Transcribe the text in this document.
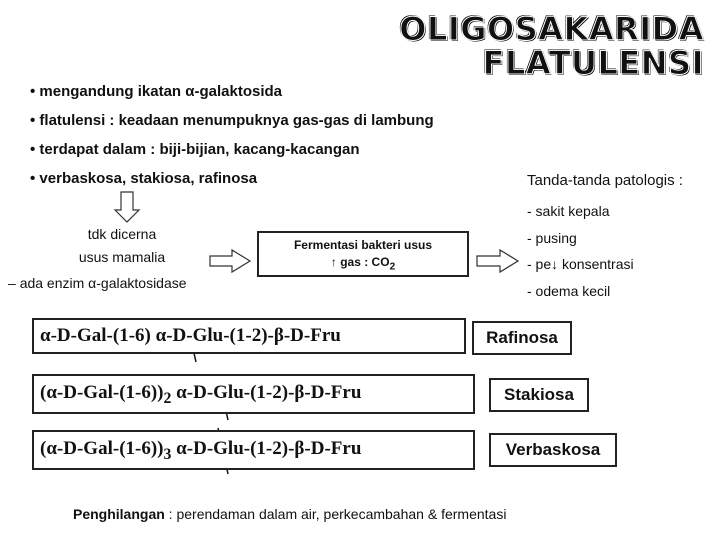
OLIGOSAKARIDA
FLATULENSI
• mengandung ikatan α-galaktosida
• flatulensi : keadaan menumpuknya gas-gas di lambung
• terdapat dalam : biji-bijian, kacang-kacangan
• verbaskosa, stakiosa, rafinosa
tdk dicerna
usus mamalia
– ada enzim α-galaktosidase
Fermentasi bakteri usus
↑ gas : $CO_2$
Tanda-tanda patologis :
- sakit kepala
- pusing
- pe↓ konsentrasi
- odema kecil
α-D-Gal-(1-6) α-D-Glu-(1-2)-β-D-Fru	Rafinosa
$(\alpha-D-Gal-(1-6))_2$ α-D-Glu-(1-2)-β-D-Fru	Stakiosa
$(\alpha-D-Gal-(1-6))_3$ α-D-Glu-(1-2)-β-D-Fru	Verbaskosa
Penghilangan : perendaman dalam air, perkecambahan & fermentasi
